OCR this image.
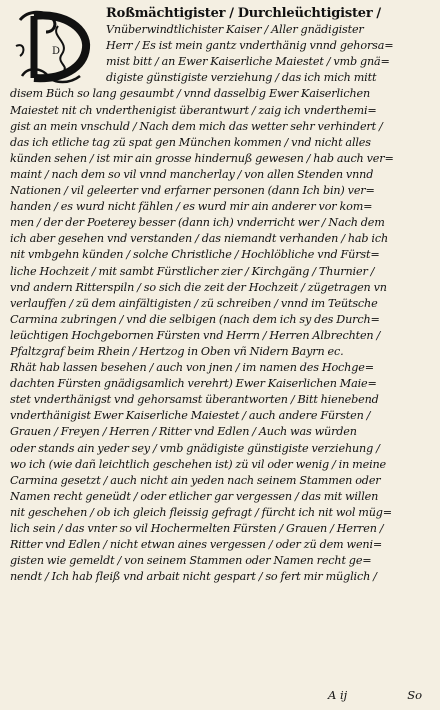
D
Roßmächtigister / Durchleüchtigister /
Vnüberwindtlichister Kaiser / Aller gnädigister
Herr / Es ist mein gantz vnderthänig vnnd gehorsa=
mist bitt / an Ewer Kaiserliche Maiestet / vmb gnä=
digiste günstigiste verziehung / das ich mich mitt
disem Büch so lang gesaumbt / vnnd dasselbig Ewer Kaiserlichen
Maiestet nit ch vnderthenigist überantwurt / zaig ich vnderthemi=
gist an mein vnschuld / Nach dem mich das wetter sehr verhindert /
das ich etliche tag zü spat gen München kommen / vnd nicht alles
künden sehen / ist mir ain grosse hindernuß gewesen / hab auch ver=
maint / nach dem so vil vnnd mancherlay / von allen Stenden vnnd
Nationen / vil geleerter vnd erfarner personen (dann Ich bin) ver=
handen / es wurd nicht fählen / es wurd mir ain anderer vor kom=
men / der der Poeterey besser (dann ich) vnderricht wer / Nach dem
ich aber gesehen vnd verstanden / das niemandt verhanden / hab ich
nit vmbgehn künden / solche Christliche / Hochlöbliche vnd Fürst=
liche Hochzeit / mit sambt Fürstlicher zier / Kirchgäng / Thurnier /
vnd andern Ritterspiln / so sich die zeit der Hochzeit / zügetragen vn
verlauffen / zü dem ainfältigisten / zü schreiben / vnnd im Teütsche
Carmina zubringen / vnd die selbigen (nach dem ich sy des Durch=
leüchtigen Hochgebornen Fürsten vnd Herrn / Herren Albrechten /
Pfaltzgraf beim Rhein / Hertzog in Oben vñ Nidern Bayrn ec.
Rhät hab lassen besehen / auch von jnen / im namen des Hochge=
dachten Fürsten gnädigsamlich verehrt) Ewer Kaiserlichen Maie=
stet vnderthänigst vnd gehorsamst überantworten / Bitt hienebend
vnderthänigist Ewer Kaiserliche Maiestet / auch andere Fürsten /
Grauen / Freyen / Herren / Ritter vnd Edlen / Auch was würden
oder stands ain yeder sey / vmb gnädigiste günstigiste verziehung /
wo ich (wie dañ leichtlich geschehen ist) zü vil oder wenig / in meine
Carmina gesetzt / auch nicht ain yeden nach seinem Stammen oder
Namen recht geneüdt / oder etlicher gar vergessen / das mit willen
nit geschehen / ob ich gleich fleissig gefragt / fürcht ich nit wol müg=
lich sein / das vnter so vil Hochermelten Fürsten / Grauen / Herren /
Ritter vnd Edlen / nicht etwan aines vergessen / oder zü dem weni=
gisten wie gemeldt / von seinem Stammen oder Namen recht ge=
nendt / Ich hab fleiß vnd arbait nicht gespart / so fert mir müglich /
A ij	So
